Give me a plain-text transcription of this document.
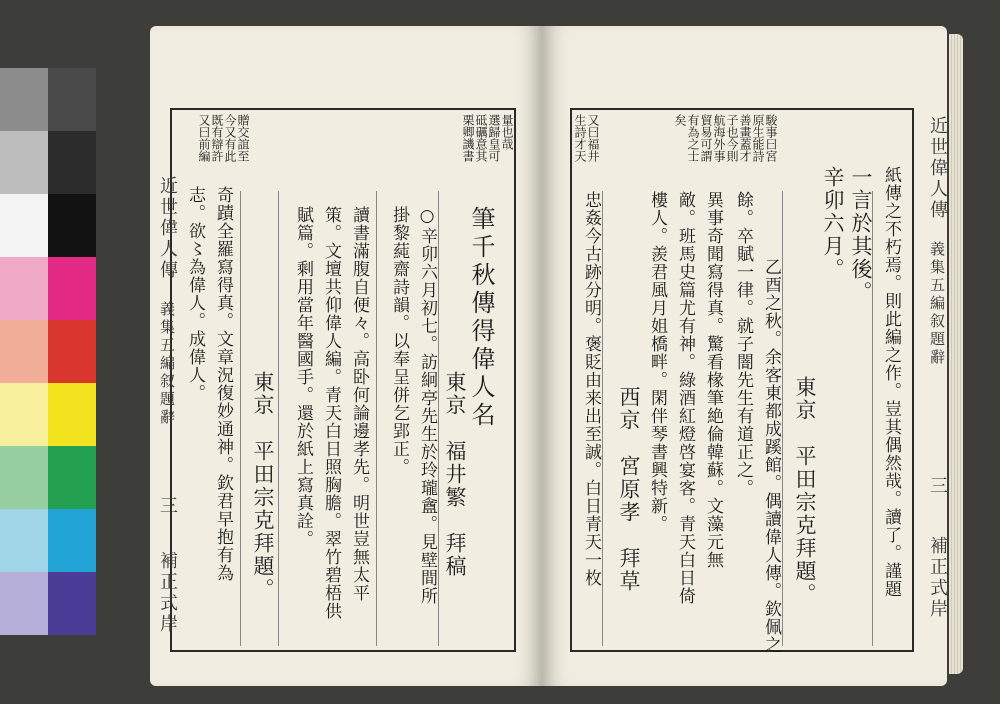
又曰前編 既有辯許 今又有此 贈交誼至	栗卿譏書 砥礪意其 選歸皇可 量也哉
近世偉人傳
義集五編叙題辭
三
補正式岸
筆千秋傳得偉人名
東京　福井繁　拜稿
○辛卯六月初七。訪絅亭先生於玲瓏盦。見壁間所
掛黎蒓齋詩韻。以奉呈併乞郢正。
讀書滿腹自便々。高卧何論邊孝先。明世豈無太平
策。文壇共仰偉人編。青天白日照胸膽。翠竹碧梧供
賦篇。剩用當年醫國手。還於紙上寫真詮。
東京　平田宗克拜題。
奇蹟全羅寫得真。文章況復妙通神。欽君早抱有為
志。欲〻為偉人。成偉人。
駿事曰宮
原生能詩
善畫蓋才
子也今則
航海外事
貿易可謂
有為之士
矣
又曰福井
生詩才天	近世偉人傳
義集五編叙題辭
三
補正式岸
紙傳之不朽焉。則此編之作。豈其偶然哉。讀了。謹題
一言於其後。
辛卯六月。
東京　平田宗克拜題。
乙酉之秋。余客東都成蹊館。偶讀偉人傳。欽佩之
餘。卒賦一律。就子闇先生有道正之。
異事奇聞寫得真。驚看椽筆絶倫韓蘇。文藻元無
敵。班馬史篇尤有神。綠酒紅燈啓宴客。青天白日倚
樓人。羨君風月姐橋畔。閑伴琴書興特新。
西京　宮原孝　拜草
忠姦今古跡分明。褒貶由来出至誠。白日青天一枚
